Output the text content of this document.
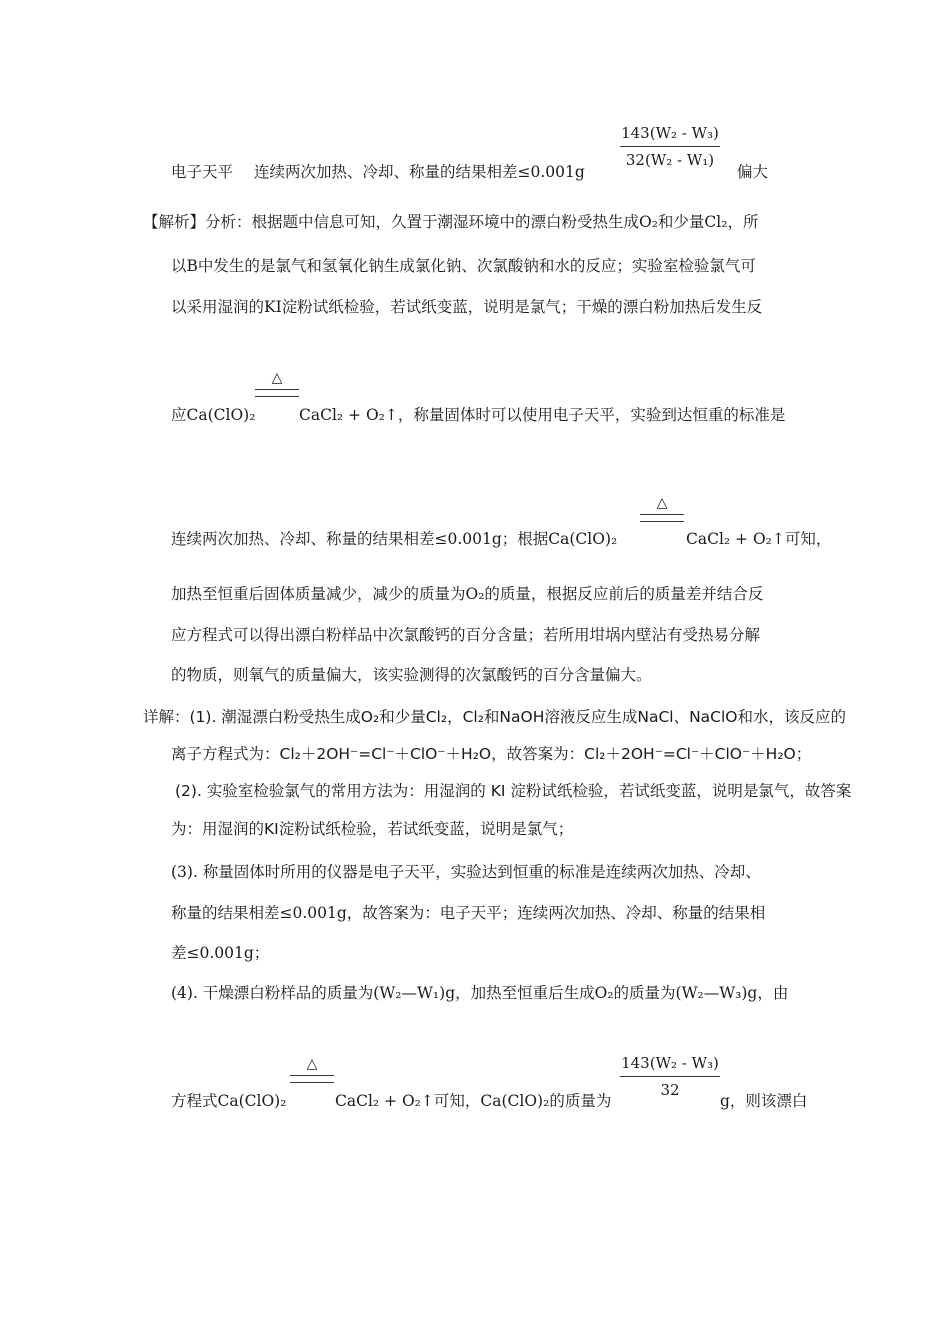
电子天平 连续两次加热、冷却、称量的结果相差≤0.001g
143(W₂ - W₃)
32(W₂ - W₁)
偏大
【解析】分析：根据题中信息可知，久置于潮湿环境中的漂白粉受热生成O₂和少量Cl₂，所
以B中发生的是氯气和氢氧化钠生成氯化钠、次氯酸钠和水的反应；实验室检验氯气可
以采用湿润的KI淀粉试纸检验，若试纸变蓝，说明是氯气；干燥的漂白粉加热后发生反
△
应Ca(ClO)₂	CaCl₂ + O₂↑，称量固体时可以使用电子天平，实验到达恒重的标准是
△
连续两次加热、冷却、称量的结果相差≤0.001g；根据Ca(ClO)₂	CaCl₂ + O₂↑可知，
加热至恒重后固体质量减少，减少的质量为O₂的质量，根据反应前后的质量差并结合反
应方程式可以得出漂白粉样品中次氯酸钙的百分含量；若所用坩埚内壁沾有受热易分解
的物质，则氧气的质量偏大，该实验测得的次氯酸钙的百分含量偏大。
详解：(1). 潮湿漂白粉受热生成O₂和少量Cl₂，Cl₂和NaOH溶液反应生成NaCl、NaClO和水，该反应的
离子方程式为：Cl₂＋2OH⁻=Cl⁻＋ClO⁻＋H₂O，故答案为：Cl₂＋2OH⁻=Cl⁻＋ClO⁻＋H₂O；
(2). 实验室检验氯气的常用方法为：用湿润的 KI 淀粉试纸检验，若试纸变蓝，说明是氯气，故答案
为：用湿润的KI淀粉试纸检验，若试纸变蓝，说明是氯气；
(3). 称量固体时所用的仪器是电子天平，实验达到恒重的标准是连续两次加热、冷却、
称量的结果相差≤0.001g，故答案为：电子天平；连续两次加热、冷却、称量的结果相
差≤0.001g；
(4). 干燥漂白粉样品的质量为(W₂—W₁)g，加热至恒重后生成O₂的质量为(W₂—W₃)g，由
△
方程式Ca(ClO)₂	CaCl₂ + O₂↑可知，Ca(ClO)₂的质量为
143(W₂ - W₃)
32
g，则该漂白
